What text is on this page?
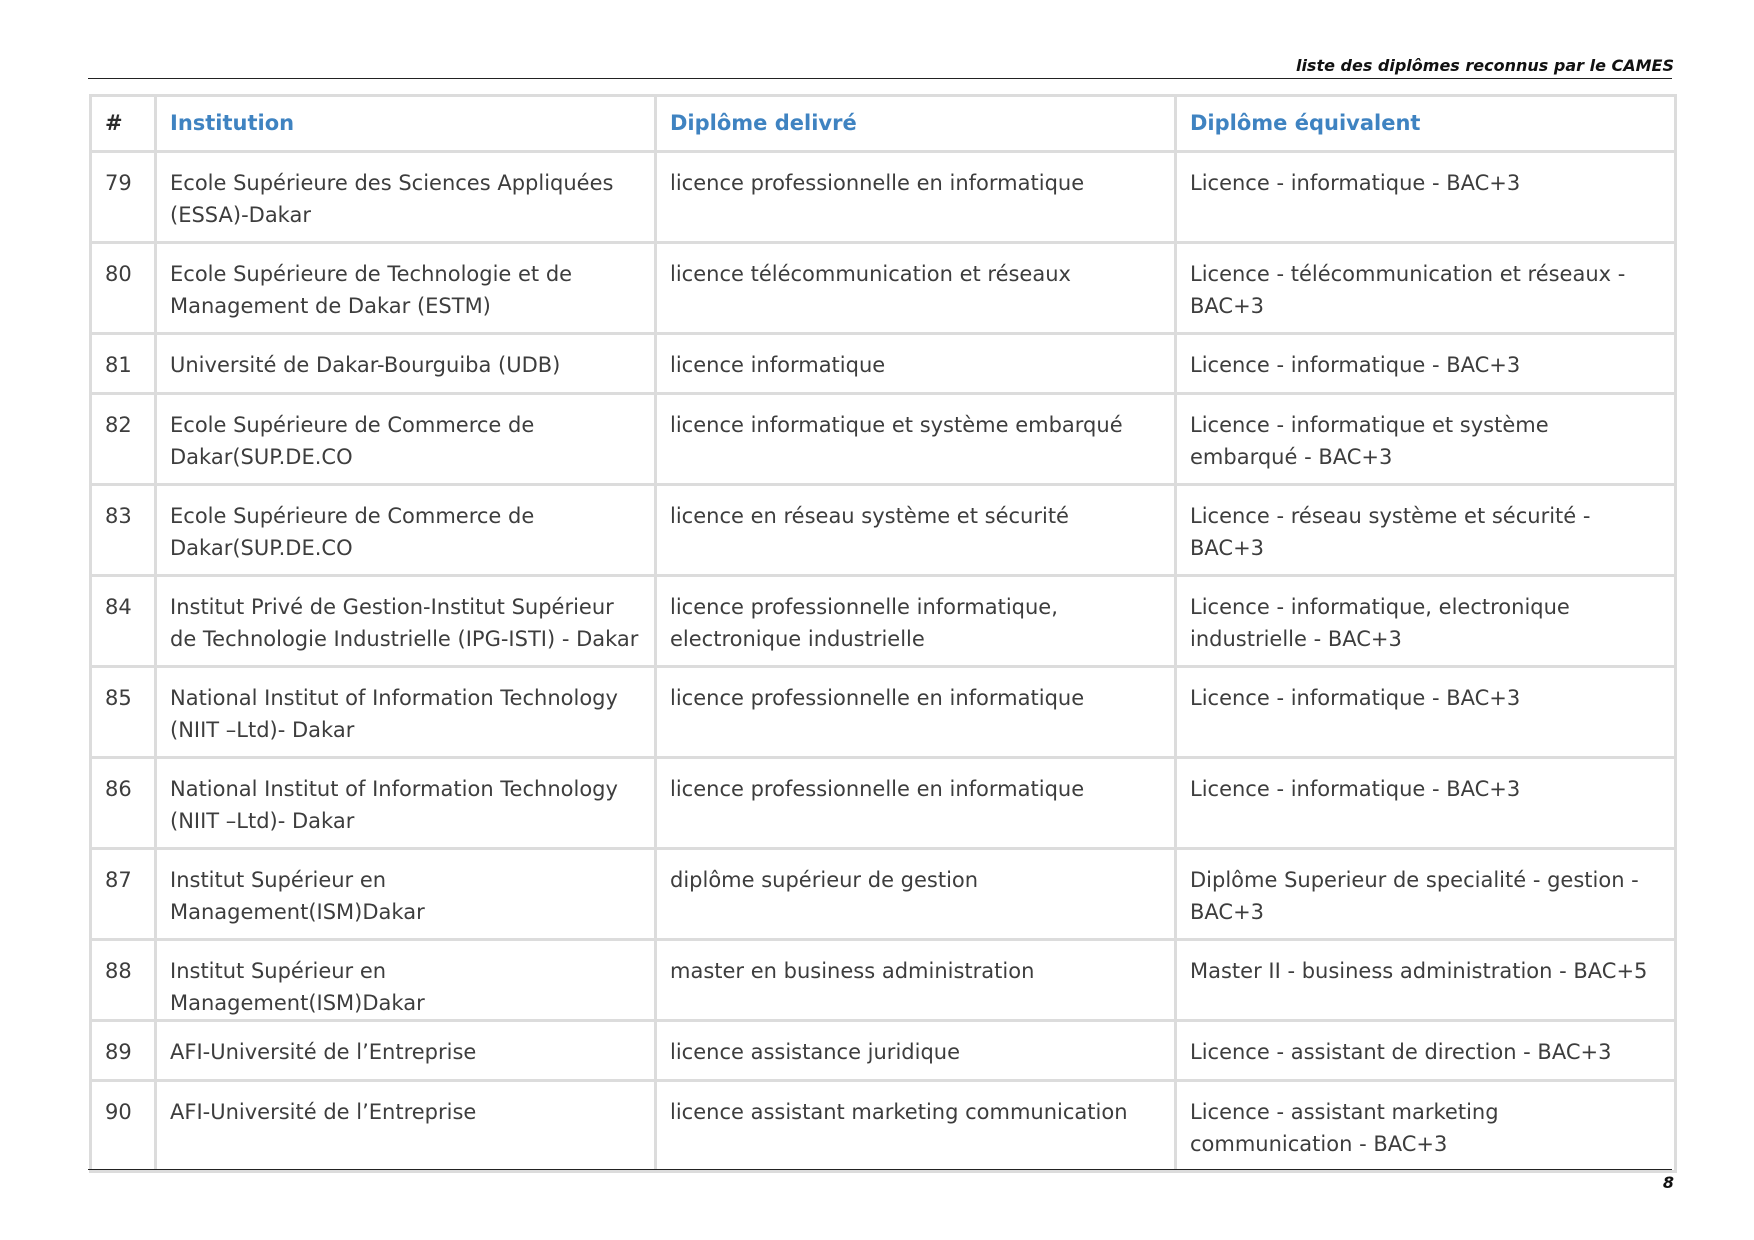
liste des diplômes reconnus par le CAMES
#	Institution	Diplôme delivré	Diplôme équivalent
79	Ecole Supérieure des Sciences Appliquées (ESSA)-Dakar	licence professionnelle en informatique	Licence - informatique - BAC+3
80	Ecole Supérieure de Technologie et de Management de Dakar (ESTM)	licence télécommunication et réseaux	Licence - télécommunication et réseaux - BAC+3
81	Université de Dakar-Bourguiba (UDB)	licence informatique	Licence - informatique - BAC+3
82	Ecole Supérieure de Commerce de Dakar(SUP.DE.CO	licence informatique et système embarqué	Licence - informatique et système embarqué - BAC+3
83	Ecole Supérieure de Commerce de Dakar(SUP.DE.CO	licence en réseau système et sécurité	Licence - réseau système et sécurité - BAC+3
84	Institut Privé de Gestion-Institut Supérieur de Technologie Industrielle (IPG-ISTI) - Dakar	licence professionnelle informatique, electronique industrielle	Licence - informatique, electronique industrielle - BAC+3
85	National Institut of Information Technology (NIIT –Ltd)- Dakar	licence professionnelle en informatique	Licence - informatique - BAC+3
86	National Institut of Information Technology (NIIT –Ltd)- Dakar	licence professionnelle en informatique	Licence - informatique - BAC+3
87	Institut Supérieur en Management(ISM)Dakar	diplôme supérieur de gestion	Diplôme Superieur de specialité - gestion - BAC+3
88	Institut Supérieur en Management(ISM)Dakar	master en business administration	Master II - business administration - BAC+5
89	AFI-Université de l’Entreprise	licence assistance juridique	Licence - assistant de direction - BAC+3
90	AFI-Université de l’Entreprise	licence assistant marketing communication	Licence - assistant marketing communication - BAC+3
8
